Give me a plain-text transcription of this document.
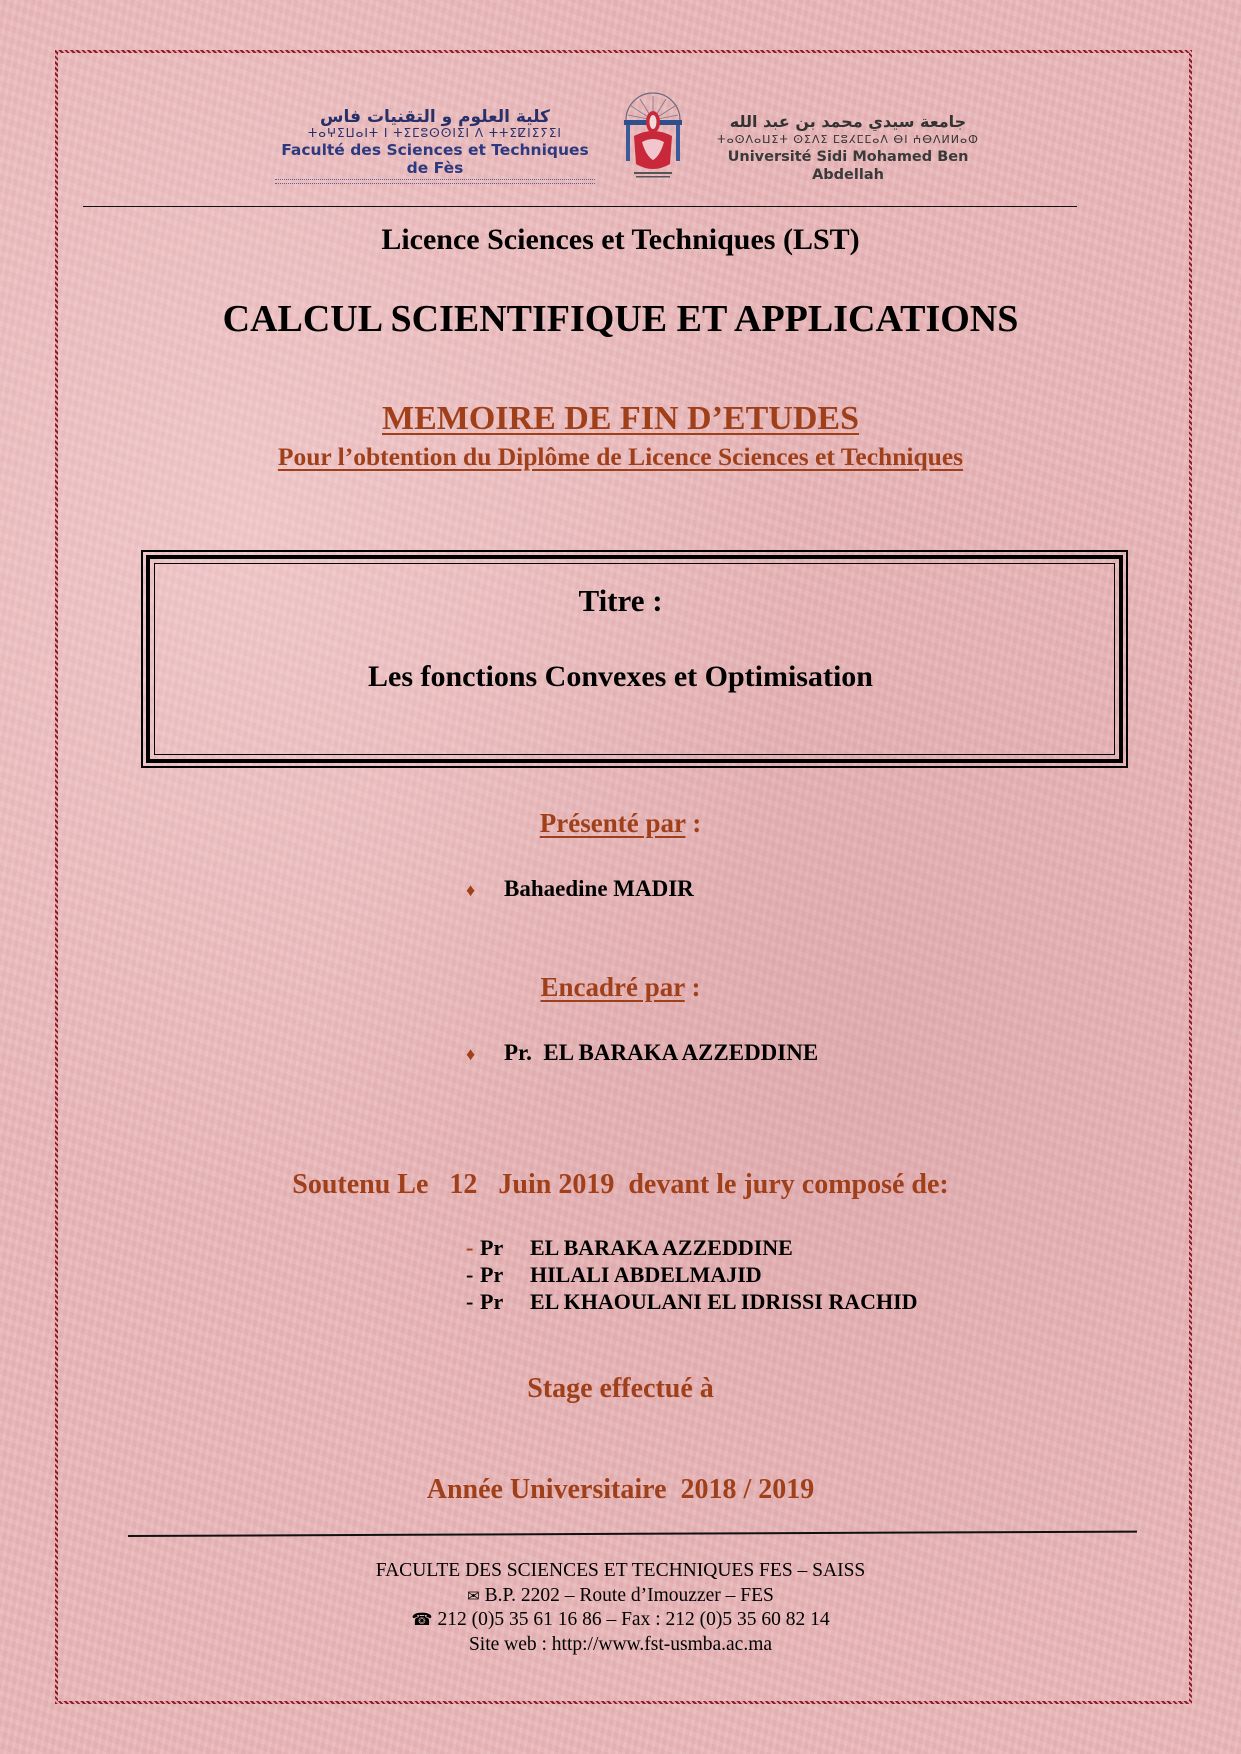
كلية العلوم و التقنيات فاس
ⵜⴰⵖⵉⵡⴰⵏⵜ ⵏ ⵜⵉⵎⵓⵙⵙⵏⵉⵏ ⴷ ⵜⵜⵉⵇⵏⵉⵢⵉⵏ
Faculté des Sciences et Techniques de Fès
جامعة سيدي محمد بن عبد الله
ⵜⴰⵙⴷⴰⵡⵉⵜ ⵙⵉⴷⵉ ⵎⵓⵃⵎⵎⴰⴷ ⴱⵏ ⵄⴱⴷⵍⵍⴰⵀ
Université Sidi Mohamed Ben Abdellah
Licence Sciences et Techniques (LST)
CALCUL SCIENTIFIQUE ET APPLICATIONS
MEMOIRE DE FIN D’ETUDES
Pour l’obtention du Diplôme de Licence Sciences et Techniques
Titre :
Les fonctions Convexes et Optimisation
Présenté par :
♦ Bahaedine MADIR
Encadré par :
♦ Pr.  EL BARAKA AZZEDDINE
Soutenu Le   12   Juin 2019  devant le jury composé de:
- Pr EL BARAKA AZZEDDINE
- Pr HILALI ABDELMAJID
- Pr EL KHAOULANI EL IDRISSI RACHID
Stage effectué à
Année Universitaire  2018 / 2019
FACULTE DES SCIENCES ET TECHNIQUES FES – SAISS
✉ B.P. 2202 – Route d’Imouzzer – FES
☎ 212 (0)5 35 61 16 86 – Fax : 212 (0)5 35 60 82 14
Site web : http://www.fst-usmba.ac.ma
